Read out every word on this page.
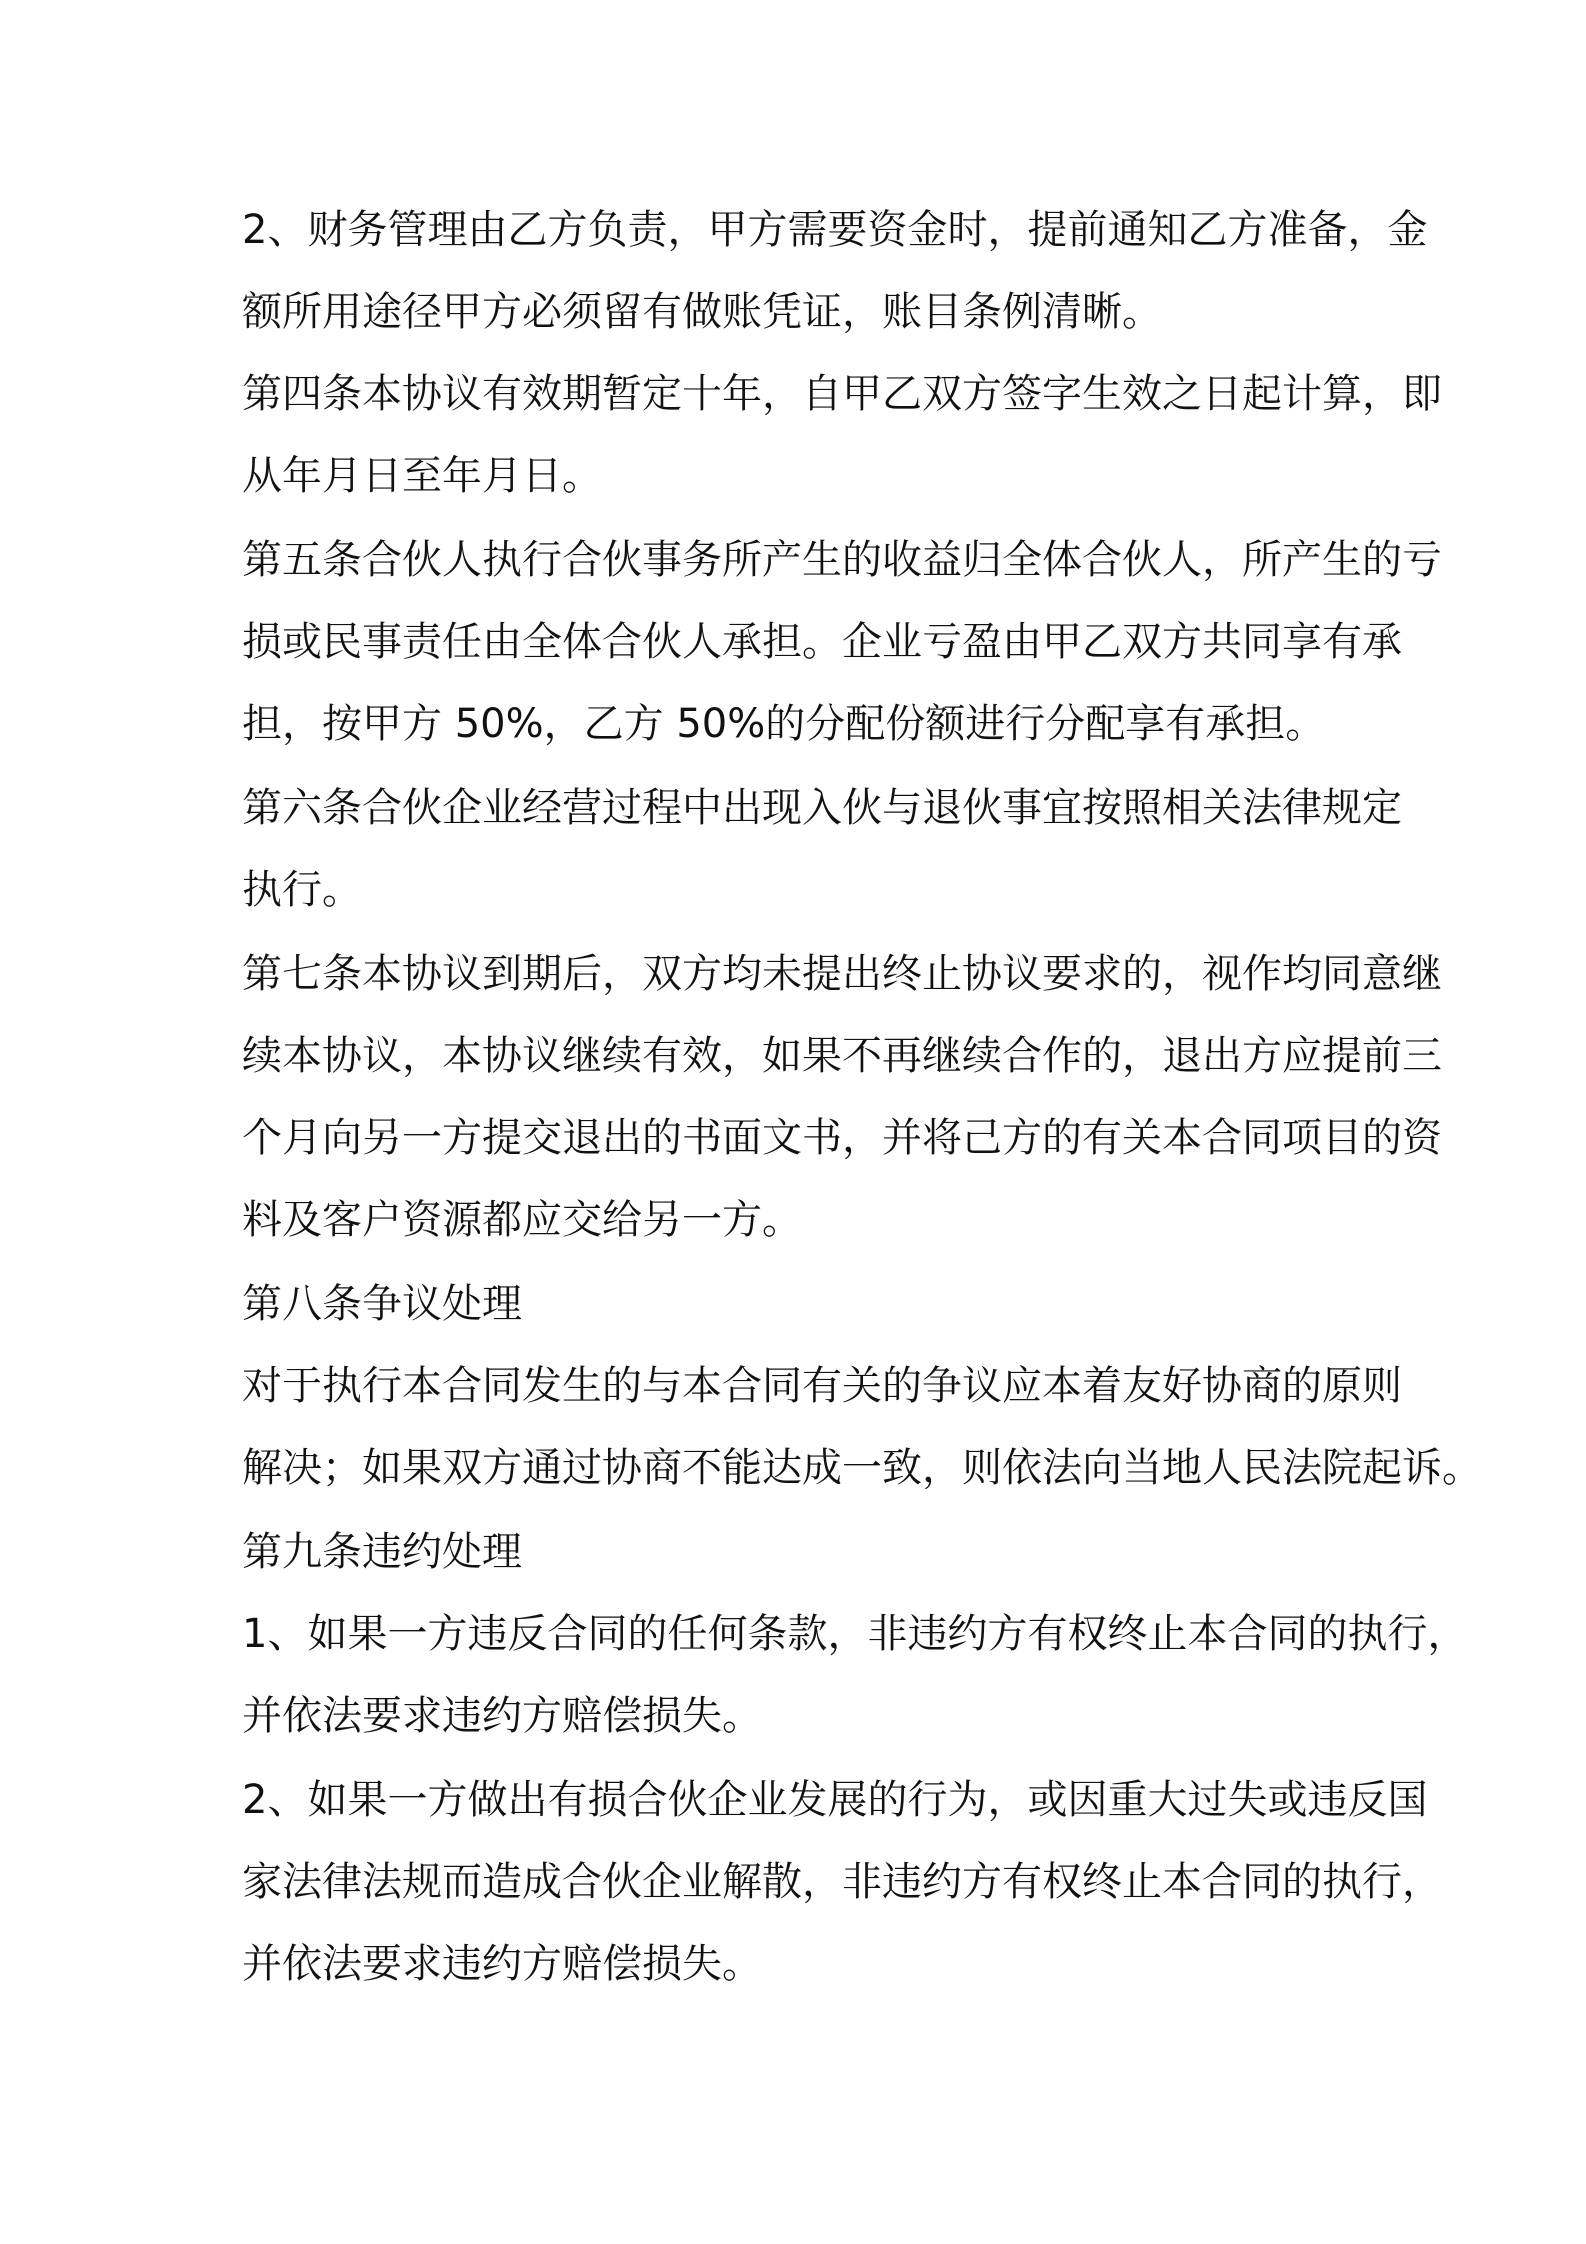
2、财务管理由乙方负责，甲方需要资金时，提前通知乙方准备，金
额所用途径甲方必须留有做账凭证，账目条例清晰。
第四条本协议有效期暂定十年，自甲乙双方签字生效之日起计算，即
从年月日至年月日。
第五条合伙人执行合伙事务所产生的收益归全体合伙人，所产生的亏
损或民事责任由全体合伙人承担。企业亏盈由甲乙双方共同享有承
担，按甲方 50%，乙方 50%的分配份额进行分配享有承担。
第六条合伙企业经营过程中出现入伙与退伙事宜按照相关法律规定
执行。
第七条本协议到期后，双方均未提出终止协议要求的，视作均同意继
续本协议，本协议继续有效，如果不再继续合作的，退出方应提前三
个月向另一方提交退出的书面文书，并将己方的有关本合同项目的资
料及客户资源都应交给另一方。
第八条争议处理
对于执行本合同发生的与本合同有关的争议应本着友好协商的原则
解决；如果双方通过协商不能达成一致，则依法向当地人民法院起诉。
第九条违约处理
1、如果一方违反合同的任何条款，非违约方有权终止本合同的执行，
并依法要求违约方赔偿损失。
2、如果一方做出有损合伙企业发展的行为，或因重大过失或违反国
家法律法规而造成合伙企业解散，非违约方有权终止本合同的执行，
并依法要求违约方赔偿损失。
